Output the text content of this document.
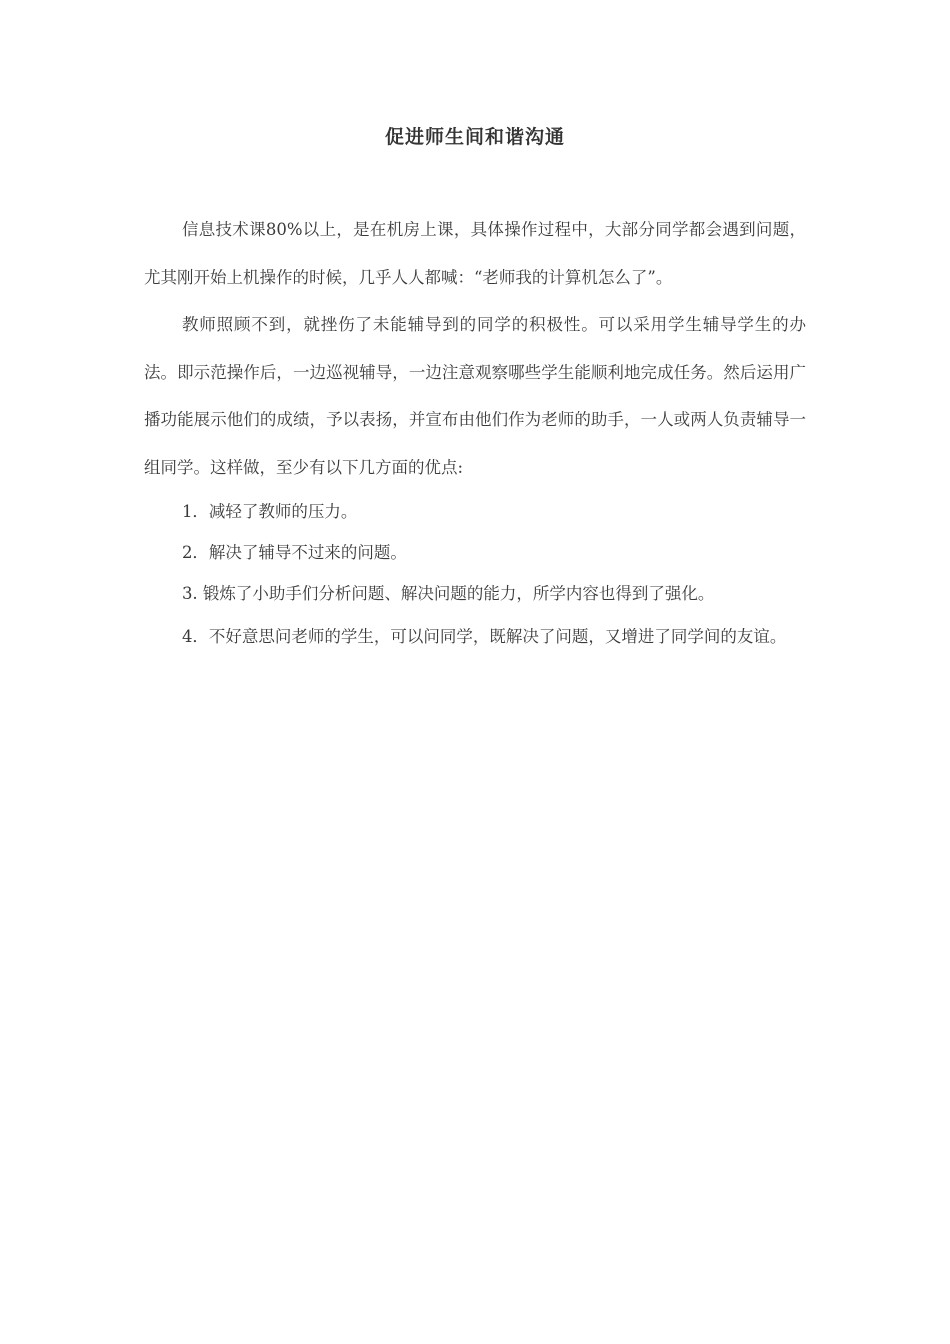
促进师生间和谐沟通

信息技术课80%以上，是在机房上课，具体操作过程中，大部分同学都会遇到问题，尤其刚开始上机操作的时候，几乎人人都喊：“老师我的计算机怎么了”。

教师照顾不到，就挫伤了未能辅导到的同学的积极性。可以采用学生辅导学生的办法。即示范操作后，一边巡视辅导，一边注意观察哪些学生能顺利地完成任务。然后运用广播功能展示他们的成绩，予以表扬，并宣布由他们作为老师的助手，一人或两人负责辅导一组同学。这样做，至少有以下几方面的优点:

1．减轻了教师的压力。

2．解决了辅导不过来的问题。

3. 锻炼了小助手们分析问题、解决问题的能力，所学内容也得到了强化。

4．不好意思问老师的学生，可以问同学，既解决了问题，又增进了同学间的友谊。
